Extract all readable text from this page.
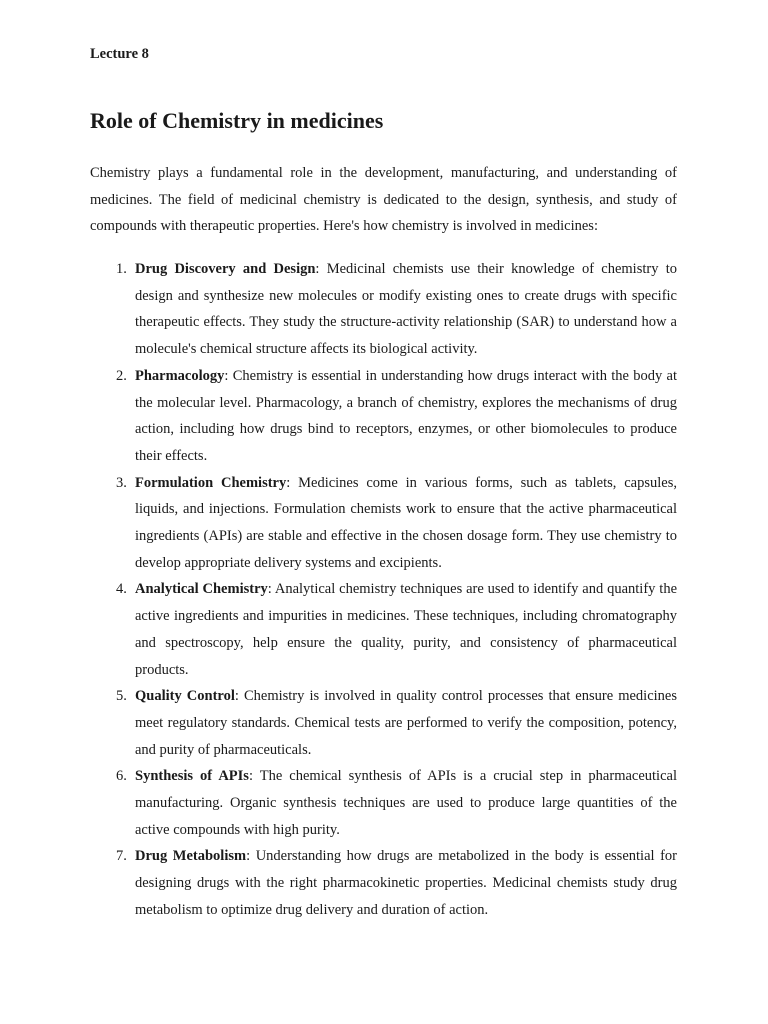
Lecture 8

Role of Chemistry in medicines

Chemistry plays a fundamental role in the development, manufacturing, and understanding of medicines. The field of medicinal chemistry is dedicated to the design, synthesis, and study of compounds with therapeutic properties. Here's how chemistry is involved in medicines:

1. Drug Discovery and Design: Medicinal chemists use their knowledge of chemistry to design and synthesize new molecules or modify existing ones to create drugs with specific therapeutic effects. They study the structure-activity relationship (SAR) to understand how a molecule's chemical structure affects its biological activity.
2. Pharmacology: Chemistry is essential in understanding how drugs interact with the body at the molecular level. Pharmacology, a branch of chemistry, explores the mechanisms of drug action, including how drugs bind to receptors, enzymes, or other biomolecules to produce their effects.
3. Formulation Chemistry: Medicines come in various forms, such as tablets, capsules, liquids, and injections. Formulation chemists work to ensure that the active pharmaceutical ingredients (APIs) are stable and effective in the chosen dosage form. They use chemistry to develop appropriate delivery systems and excipients.
4. Analytical Chemistry: Analytical chemistry techniques are used to identify and quantify the active ingredients and impurities in medicines. These techniques, including chromatography and spectroscopy, help ensure the quality, purity, and consistency of pharmaceutical products.
5. Quality Control: Chemistry is involved in quality control processes that ensure medicines meet regulatory standards. Chemical tests are performed to verify the composition, potency, and purity of pharmaceuticals.
6. Synthesis of APIs: The chemical synthesis of APIs is a crucial step in pharmaceutical manufacturing. Organic synthesis techniques are used to produce large quantities of the active compounds with high purity.
7. Drug Metabolism: Understanding how drugs are metabolized in the body is essential for designing drugs with the right pharmacokinetic properties. Medicinal chemists study drug metabolism to optimize drug delivery and duration of action.
